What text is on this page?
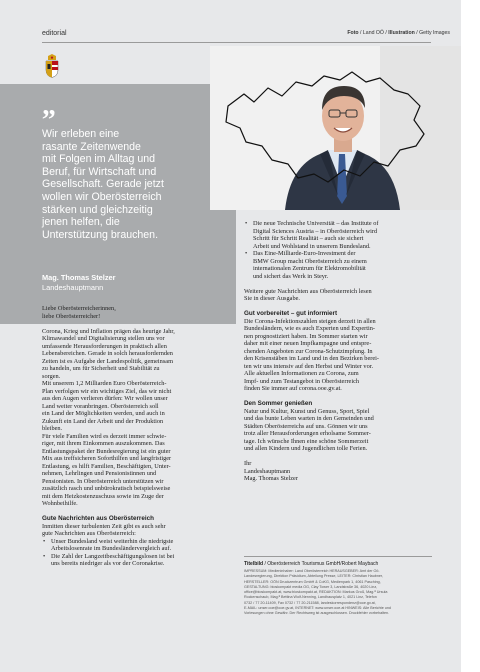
editorial	Foto / Land OÖ / Illustration / Getty Images
„
Wir erleben eine
rasante Zeitenwende
mit Folgen im Alltag und
Beruf, für Wirtschaft und
Gesellschaft. Gerade jetzt
wollen wir Oberösterreich
stärken und gleichzeitig
jenen helfen, die
Unterstützung brauchen.
Mag. Thomas Stelzer
Landeshauptmann

Liebe Oberösterreicherinnen,
liebe Oberösterreicher!

Corona, Krieg und Inflation prägen das heurige Jahr,
Klimawandel und Digitalisierung stellen uns vor
umfassende Herausforderungen in praktisch allen
Lebensbereichen. Gerade in solch herausfordernden
Zeiten ist es Aufgabe der Landespolitik, gemeinsam
zu handeln, um für Sicherheit und Stabilität zu
sorgen.
Mit unserem 1,2 Milliarden Euro Oberösterreich-
Plan verfolgen wir ein wichtiges Ziel, das wir nicht
aus den Augen verlieren dürfen: Wir wollen unser
Land weiter voranbringen. Oberösterreich soll
ein Land der Möglichkeiten werden, und auch in
Zukunft ein Land der Arbeit und der Produktion
bleiben.
Für viele Familien wird es derzeit immer schwie-
riger, mit ihrem Einkommen auszukommen. Das
Entlastungspaket der Bundesregierung ist ein guter
Mix aus treffsicheren Soforthilfen und langfristiger
Entlastung, es hilft Familien, Beschäftigten, Unter-
nehmen, Lehrlingen und Pensionistinnen und
Pensionisten. In Oberösterreich unterstützen wir
zusätzlich rasch und unbürokratisch beispielsweise
mit dem Heizkostenzuschuss sowie im Zuge der
Wohnbeihilfe.

Gute Nachrichten aus Oberösterreich

Inmitten dieser turbulenten Zeit gibt es auch sehr
gute Nachrichten aus Oberösterreich:

• Unser Bundesland weist weiterhin die niedrigste
Arbeitslosenrate im Bundesländervergleich auf.
• Die Zahl der Langzeitbeschäftigungslosen ist bei
uns bereits niedriger als vor der Coronakrise.
• Die neue Technische Universität – das Institute of
Digital Sciences Austria – in Oberösterreich wird
Schritt für Schritt Realität – auch sie sichert
Arbeit und Wohlstand in unserem Bundesland.
• Das Eine-Milliarde-Euro-Investment der
BMW Group macht Oberösterreich zu einem
internationalen Zentrum für Elektromobilität
und sichert das Werk in Steyr.

Weitere gute Nachrichten aus Oberösterreich lesen
Sie in dieser Ausgabe.

Gut vorbereitet – gut informiert

Die Corona-Infektionszahlen steigen derzeit in allen
Bundesländern, wie es auch Experten und Expertin-
nen prognostiziert haben. Im Sommer starten wir
daher mit einer neuen Impfkampagne und entspre-
chenden Angeboten zur Corona-Schutzimpfung. In
den Krisenstäben im Land und in den Bezirken berei-
ten wir uns intensiv auf den Herbst und Winter vor.
Alle aktuellen Informationen zu Corona, zum
Impf- und zum Testangebot in Oberösterreich
finden Sie immer auf corona.ooe.gv.at.

Den Sommer genießen

Natur und Kultur, Kunst und Genuss, Sport, Spiel
und das bunte Leben warten in den Gemeinden und
Städten Oberösterreichs auf uns. Gönnen wir uns
trotz aller Herausforderungen erholsame Sommer-
tage. Ich wünsche Ihnen eine schöne Sommerzeit
und allen Kindern und Jugendlichen tolle Ferien.

Ihr
Landeshauptmann
Mag. Thomas Stelzer

Titelbild / Oberösterreich Tourismus GmbH/Robert Maybach
IMPRESSUM: Medieninhaber: Land Oberösterreich HERAUSGEBER: Amt der Oö.
Landesregierung, Direktion Präsidium, Abteilung Presse, LEITER: Christian Haubner,
HERSTELLER: OÖN Druckzentrum GmbH & CoKG, Medienpark 1, 4061 Pasching,
GESTALTUNG: bioskompakt media OG, Clay Tower 3, Landstraße 36, 4020 Linz,
office@bioskompakt.at, www.bioskompakt.at, REDAKTION: Markus Groß, Mag.ª Ursula
Rockenschaub, Mag.ª Bettina Wolf-Nenning, Landhausplatz 1, 4021 Linz, Telefon
0732 / 77 20-11409, Fax 0732 / 77 20-211588, landeskorrespondenz@ooe.gv.at,
E-MAIL: unser.ooe@ooe.gv.at, INTERNET: www.unser.ooe.at HINWEIS: Alle Berichte und
Vorlesungen ohne Gewähr. Der Rechtsweg ist ausgeschlossen. Druckfehler vorbehalten.
